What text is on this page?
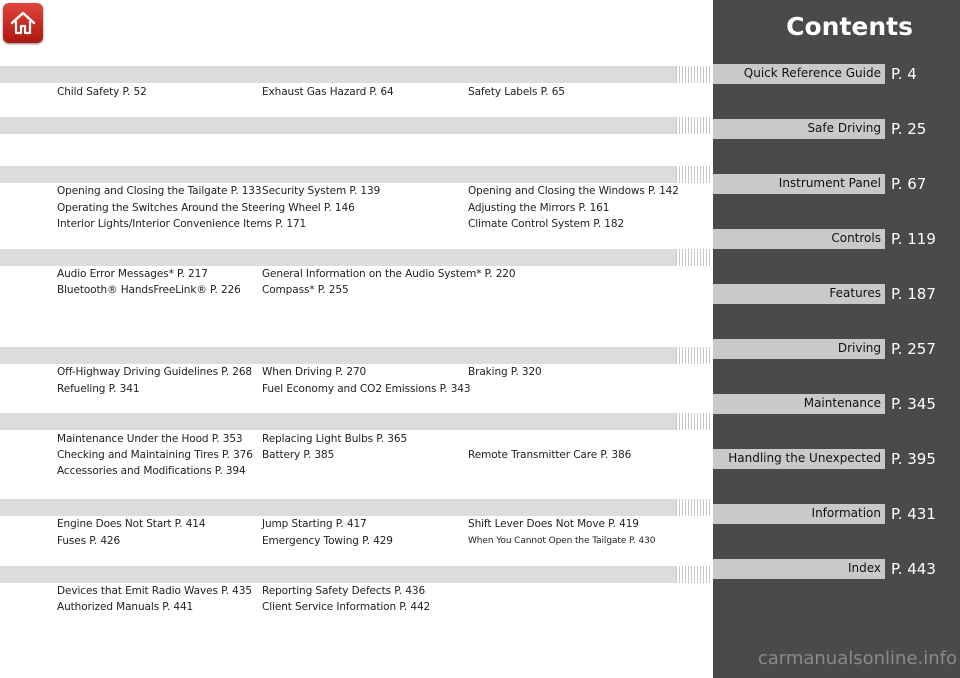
Child Safety P. 52	Exhaust Gas Hazard P. 64	Safety Labels P. 65
Opening and Closing the Tailgate P. 133 Security System P. 139	Opening and Closing the Windows P. 142
Operating the Switches Around the Steering Wheel P. 146	Adjusting the Mirrors P. 161
Interior Lights/Interior Convenience Items P. 171	Climate Control System P. 182
Audio Error Messages* P. 217	General Information on the Audio System* P. 220
Bluetooth® HandsFreeLink® P. 226 Compass* P. 255
Off-Highway Driving Guidelines P. 268 When Driving P. 270	Braking P. 320
Refueling P. 341	Fuel Economy and CO2 Emissions P. 343
Maintenance Under the Hood P. 353 Replacing Light Bulbs P. 365
Checking and Maintaining Tires P. 376 Battery P. 385	Remote Transmitter Care P. 386
Accessories and Modifications P. 394
Engine Does Not Start P. 414	Jump Starting P. 417	Shift Lever Does Not Move P. 419
Fuses P. 426	Emergency Towing P. 429	When You Cannot Open the Tailgate P. 430
Devices that Emit Radio Waves P. 435 Reporting Safety Defects P. 436
Authorized Manuals P. 441	Client Service Information P. 442
Contents
Quick Reference Guide P. 4
Safe Driving P. 25
Instrument Panel P. 67
Controls P. 119
Features P. 187
Driving P. 257
Maintenance P. 345
Handling the Unexpected P. 395
Information P. 431
Index P. 443
carmanualsonline.info
